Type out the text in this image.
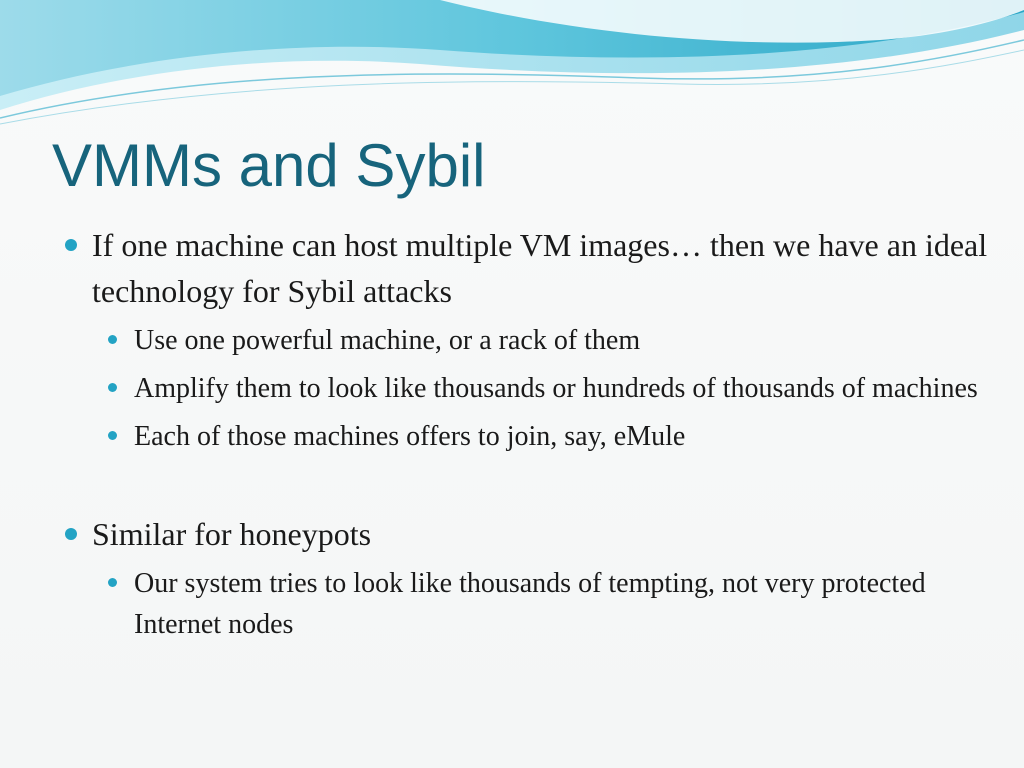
VMMs and Sybil
If one machine can host multiple VM images… then we have an ideal technology for Sybil attacks
Use one powerful machine, or a rack of them
Amplify them to look like thousands or hundreds of thousands of machines
Each of those machines offers to join, say, eMule
Similar for honeypots
Our system tries to look like thousands of tempting, not very protected Internet nodes
